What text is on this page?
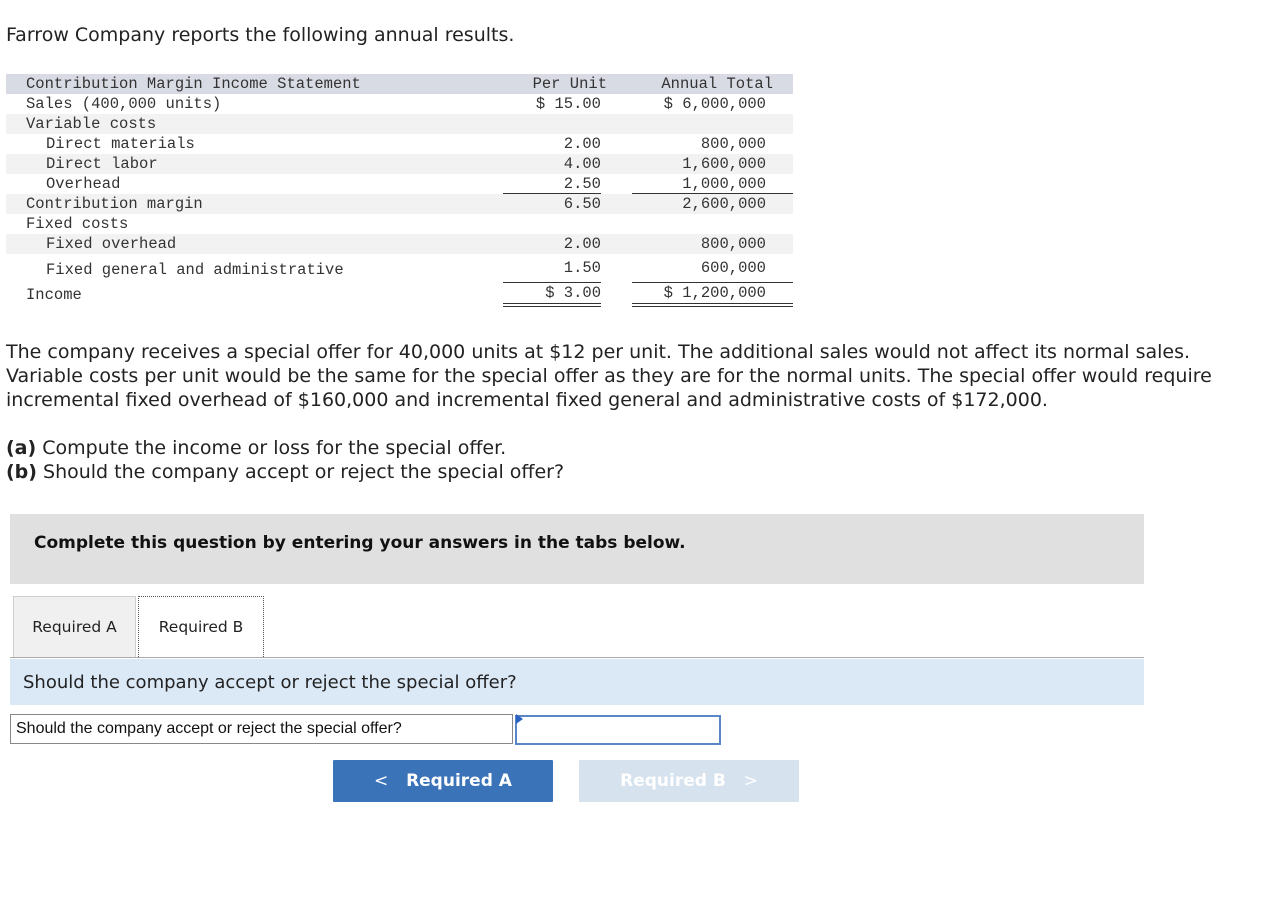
Farrow Company reports the following annual results.

Contribution Margin Income Statement	Per Unit	Annual Total
Sales (400,000 units)	$ 15.00	$ 6,000,000
Variable costs
Direct materials	2.00	800,000
Direct labor	4.00	1,600,000
Overhead	2.50	1,000,000
Contribution margin	6.50	2,600,000
Fixed costs
Fixed overhead	2.00	800,000
Fixed general and administrative	1.50	600,000
Income	$ 3.00	$ 1,200,000

The company receives a special offer for 40,000 units at $12 per unit. The additional sales would not affect its normal sales. Variable costs per unit would be the same for the special offer as they are for the normal units. The special offer would require incremental fixed overhead of $160,000 and incremental fixed general and administrative costs of $172,000.

(a) Compute the income or loss for the special offer.
(b) Should the company accept or reject the special offer?
Complete this question by entering your answers in the tabs below.
Required A	Required B
Should the company accept or reject the special offer?
Should the company accept or reject the special offer?
< Required A	Required B >
